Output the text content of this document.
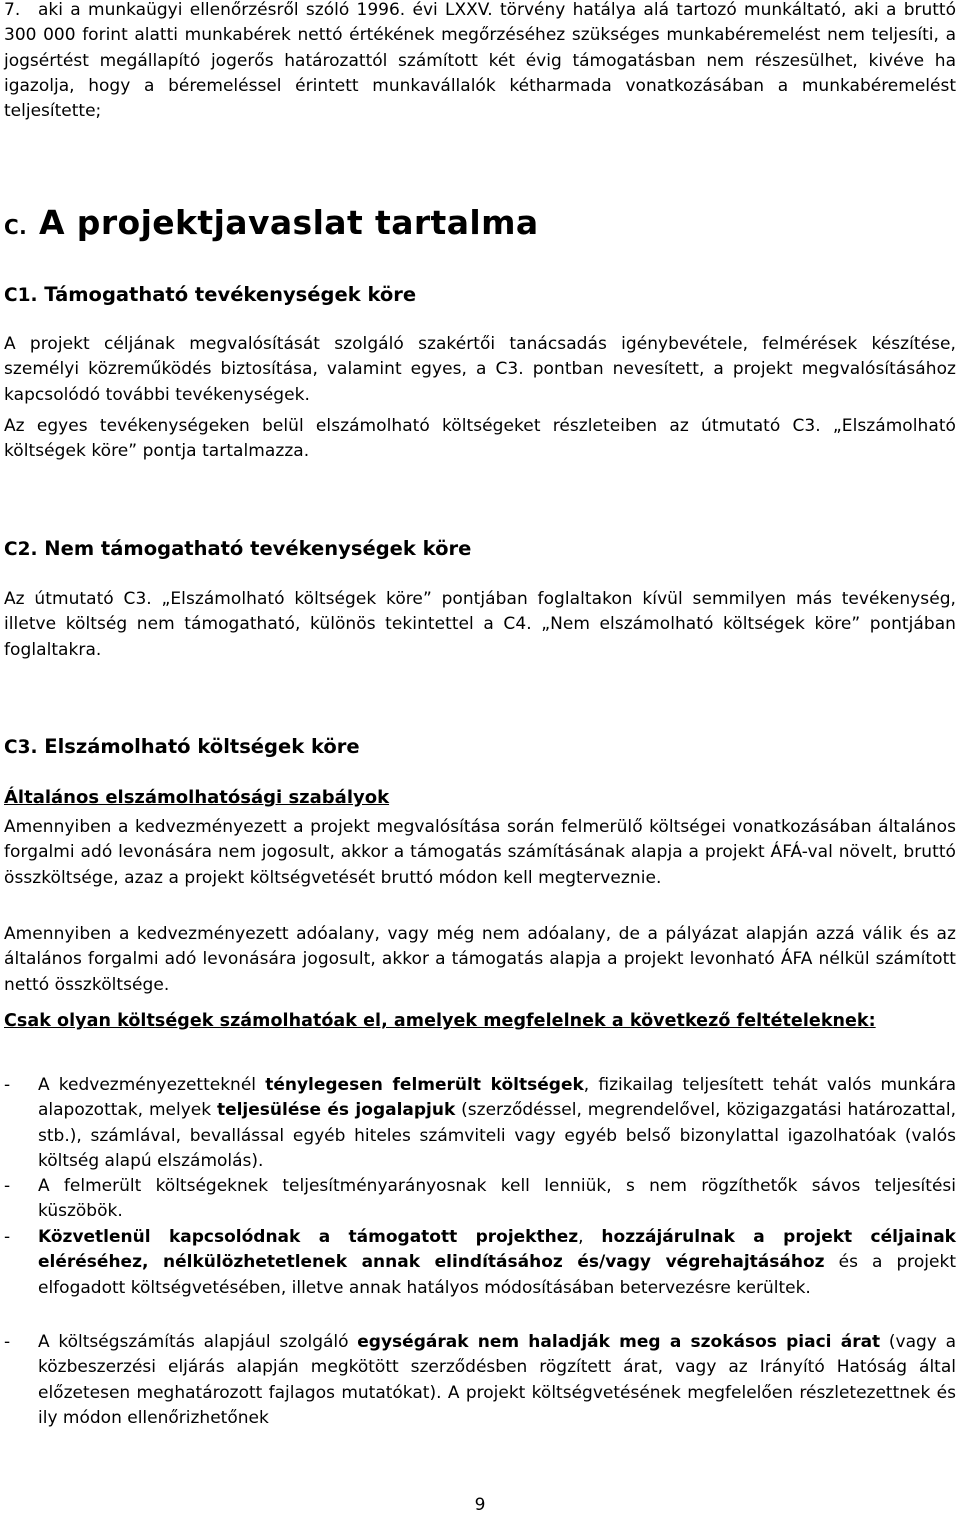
7.	aki a munkaügyi ellenőrzésről szóló 1996. évi LXXV. törvény hatálya alá tartozó munkáltató, aki a bruttó 300 000 forint alatti munkabérek nettó értékének megőrzéséhez szükséges munkabéremelést nem teljesíti, a jogsértést megállapító jogerős határozattól számított két évig támogatásban nem részesülhet, kivéve ha igazolja, hogy a béremeléssel érintett munkavállalók kétharmada vonatkozásában a munkabéremelést teljesítette;
C. A projektjavaslat tartalma
C1. Támogatható tevékenységek köre
A projekt céljának megvalósítását szolgáló szakértői tanácsadás igénybevétele, felmérések készítése, személyi közreműködés biztosítása, valamint egyes, a C3. pontban nevesített, a projekt megvalósításához kapcsolódó további tevékenységek.
Az egyes tevékenységeken belül elszámolható költségeket részleteiben az útmutató C3. „Elszámolható költségek köre” pontja tartalmazza.
C2. Nem támogatható tevékenységek köre
Az útmutató C3. „Elszámolható költségek köre” pontjában foglaltakon kívül semmilyen más tevékenység, illetve költség nem támogatható, különös tekintettel a C4. „Nem elszámolható költségek köre” pontjában foglaltakra.
C3. Elszámolható költségek köre
Általános elszámolhatósági szabályok
Amennyiben a kedvezményezett a projekt megvalósítása során felmerülő költségei vonatkozásában általános forgalmi adó levonására nem jogosult, akkor a támogatás számításának alapja a projekt ÁFÁ-val növelt, bruttó összköltsége, azaz a projekt költségvetését bruttó módon kell megterveznie.
Amennyiben a kedvezményezett adóalany, vagy még nem adóalany, de a pályázat alapján azzá válik és az általános forgalmi adó levonására jogosult, akkor a támogatás alapja a projekt levonható ÁFA nélkül számított nettó összköltsége.
Csak olyan költségek számolhatóak el, amelyek megfelelnek a következő feltételeknek:
- A kedvezményezetteknél ténylegesen felmerült költségek, fizikailag teljesített tehát valós munkára alapozottak, melyek teljesülése és jogalapjuk (szerződéssel, megrendelővel, közigazgatási határozattal, stb.), számlával, bevallással egyéb hiteles számviteli vagy egyéb belső bizonylattal igazolhatóak (valós költség alapú elszámolás).
- A felmerült költségeknek teljesítményarányosnak kell lenniük, s nem rögzíthetők sávos teljesítési küszöbök.
- Közvetlenül kapcsolódnak a támogatott projekthez, hozzájárulnak a projekt céljainak eléréséhez, nélkülözhetetlenek annak elindításához és/vagy végrehajtásához és a projekt elfogadott költségvetésében, illetve annak hatályos módosításában betervezésre kerültek.
- A költségszámítás alapjául szolgáló egységárak nem haladják meg a szokásos piaci árat (vagy a közbeszerzési eljárás alapján megkötött szerződésben rögzített árat, vagy az Irányító Hatóság által előzetesen meghatározott fajlagos mutatókat). A projekt költségvetésének megfelelően részletezettnek és ily módon ellenőrizhetőnek
9
